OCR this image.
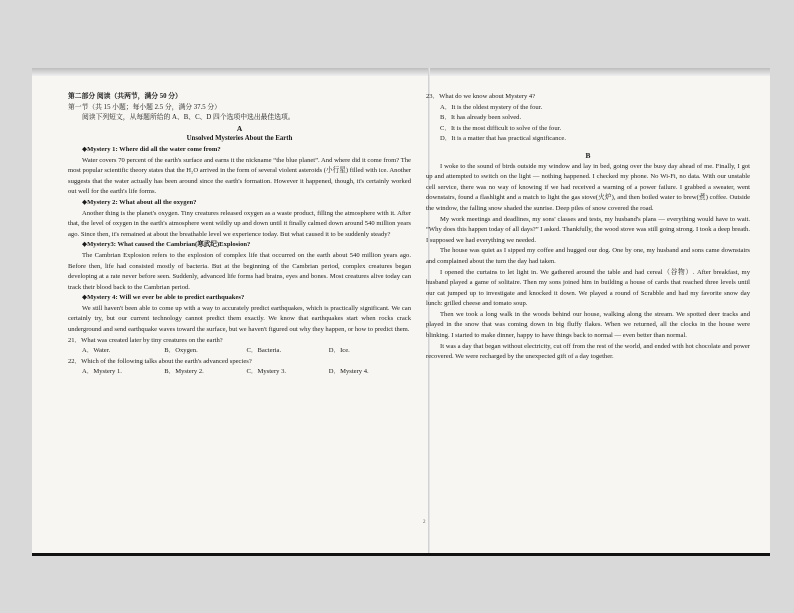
第二部分 阅读（共两节，满分 50 分）

第一节（共 15 小题；每小题 2.5 分，满分 37.5 分）

阅读下列短文，从每题所给的 A、B、C、D 四个选项中选出最佳选项。

A

Unsolved Mysteries About the Earth

◆Mystery 1: Where did all the water come from?

Water covers 70 percent of the earth's surface and earns it the nickname “the blue planet”. And where did it come from? The most popular scientific theory states that the H₂O arrived in the form of several violent asteroids (小行星) filled with ice. Another suggests that the water actually has been around since the earth's formation. However it happened, though, it's certainly worked out well for the earth's life forms.

◆Mystery 2: What about all the oxygen?

Another thing is the planet's oxygen. Tiny creatures released oxygen as a waste product, filling the atmosphere with it. After that, the level of oxygen in the earth's atmosphere went wildly up and down until it finally calmed down around 540 million years ago. Since then, it's remained at about the breathable level we experience today. But what caused it to be suddenly steady?

◆Mystery3: What caused the Cambrian(寒武纪)Explosion?

The Cambrian Explosion refers to the explosion of complex life that occurred on the earth about 540 million years ago. Before then, life had consisted mostly of bacteria. But at the beginning of the Cambrian period, complex creatures began developing at a rate never before seen. Suddenly, advanced life forms had brains, eyes and bones. Most creatures alive today can track their blood back to the Cambrian period.

◆Mystery 4: Will we ever be able to predict earthquakes?

We still haven't been able to come up with a way to accurately predict earthquakes, which is practically significant. We can certainly try, but our current technology cannot predict them exactly. We know that earthquakes start when rocks crack underground and send earthquake waves toward the surface, but we haven't figured out why they happen, or how to predict them.

21．What was created later by tiny creatures on the earth?

A．Water.	B．Oxygen.	C．Bacteria.	D．Ice.

22．Which of the following talks about the earth's advanced species?

A．Mystery 1.	B．Mystery 2.	C．Mystery 3.	D．Mystery 4.
2

23．What do we know about Mystery 4?

A．It is the oldest mystery of the four.

B．It has already been solved.

C．It is the most difficult to solve of the four.

D．It is a matter that has practical significance.

B

I woke to the sound of birds outside my window and lay in bed, going over the busy day ahead of me. Finally, I got up and attempted to switch on the light — nothing happened. I checked my phone. No Wi-Fi, no data. With our unstable cell service, there was no way of knowing if we had received a warning of a power failure. I grabbed a sweater, went downstairs, found a flashlight and a match to light the gas stove(火炉), and then boiled water to brew(煮) coffee. Outside the window, the falling snow shaded the sunrise. Deep piles of snow covered the road.

My work meetings and deadlines, my sons' classes and tests, my husband's plans — everything would have to wait. “Why does this happen today of all days?” I asked. Thankfully, the wood stove was still going strong. I took a deep breath. I supposed we had everything we needed.

The house was quiet as I sipped my coffee and hugged our dog. One by one, my husband and sons came downstairs and complained about the turn the day had taken.

I opened the curtains to let light in. We gathered around the table and had cereal（谷物）. After breakfast, my husband played a game of solitaire. Then my sons joined him in building a house of cards that reached three levels until our cat jumped up to investigate and knocked it down. We played a round of Scrabble and had my favorite snow day lunch: grilled cheese and tomato soup.

Then we took a long walk in the woods behind our house, walking along the stream. We spotted deer tracks and played in the snow that was coming down in big fluffy flakes. When we returned, all the clocks in the house were blinking. I started to make dinner, happy to have things back to normal — even better than normal.

It was a day that began without electricity, cut off from the rest of the world, and ended with hot chocolate and power recovered. We were recharged by the unexpected gift of a day together.
